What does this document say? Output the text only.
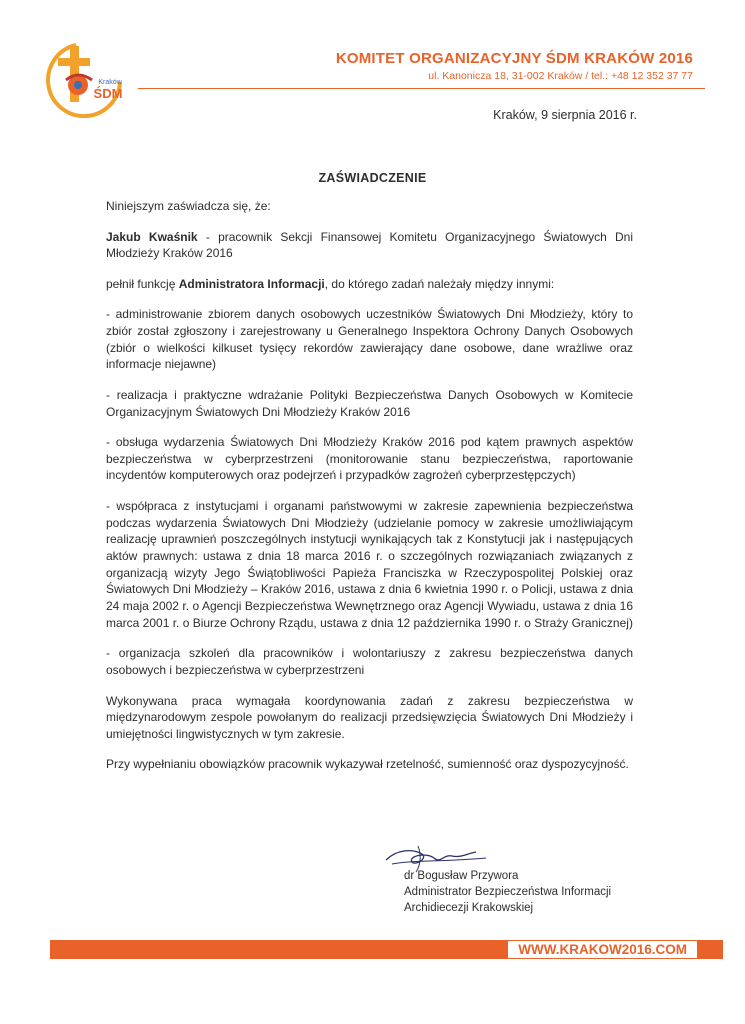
Kraków
ŚDM
KOMITET ORGANIZACYJNY ŚDM KRAKÓW 2016
ul. Kanonicza 18, 31-002 Kraków / tel.: +48 12 352 37 77
Kraków, 9 sierpnia 2016 r.
ZAŚWIADCZENIE

Niniejszym zaświadcza się, że:

Jakub Kwaśnik - pracownik Sekcji Finansowej Komitetu Organizacyjnego Światowych Dni Młodzieży Kraków 2016

pełnił funkcję Administratora Informacji, do którego zadań należały między innymi:

- administrowanie zbiorem danych osobowych uczestników Światowych Dni Młodzieży, który to zbiór został zgłoszony i zarejestrowany u Generalnego Inspektora Ochrony Danych Osobowych (zbiór o wielkości kilkuset tysięcy rekordów zawierający dane osobowe, dane wrażliwe oraz informacje niejawne)

- realizacja i praktyczne wdrażanie Polityki Bezpieczeństwa Danych Osobowych w Komitecie Organizacyjnym Światowych Dni Młodzieży Kraków 2016

- obsługa wydarzenia Światowych Dni Młodzieży Kraków 2016 pod kątem prawnych aspektów bezpieczeństwa w cyberprzestrzeni (monitorowanie stanu bezpieczeństwa, raportowanie incydentów komputerowych oraz podejrzeń i przypadków zagrożeń cyberprzestępczych)

- współpraca z instytucjami i organami państwowymi w zakresie zapewnienia bezpieczeństwa podczas wydarzenia Światowych Dni Młodzieży (udzielanie pomocy w zakresie umożliwiającym realizację uprawnień poszczególnych instytucji wynikających tak z Konstytucji jak i następujących aktów prawnych: ustawa z dnia 18 marca 2016 r. o szczególnych rozwiązaniach związanych z organizacją wizyty Jego Świątobliwości Papieża Franciszka w Rzeczypospolitej Polskiej oraz Światowych Dni Młodzieży – Kraków 2016, ustawa z dnia 6 kwietnia 1990 r. o Policji, ustawa z dnia 24 maja 2002 r. o Agencji Bezpieczeństwa Wewnętrznego oraz Agencji Wywiadu, ustawa z dnia 16 marca 2001 r. o Biurze Ochrony Rządu, ustawa z dnia 12 października 1990 r. o Straży Granicznej)

- organizacja szkoleń dla pracowników i wolontariuszy z zakresu bezpieczeństwa danych osobowych i bezpieczeństwa w cyberprzestrzeni

Wykonywana praca wymagała koordynowania zadań z zakresu bezpieczeństwa w międzynarodowym zespole powołanym do realizacji przedsięwzięcia Światowych Dni Młodzieży i umiejętności lingwistycznych w tym zakresie.

Przy wypełnianiu obowiązków pracownik wykazywał rzetelność, sumienność oraz dyspozycyjność.

dr Bogusław Przywora
Administrator Bezpieczeństwa Informacji
Archidiecezji Krakowskiej
WWW.KRAKOW2016.COM
